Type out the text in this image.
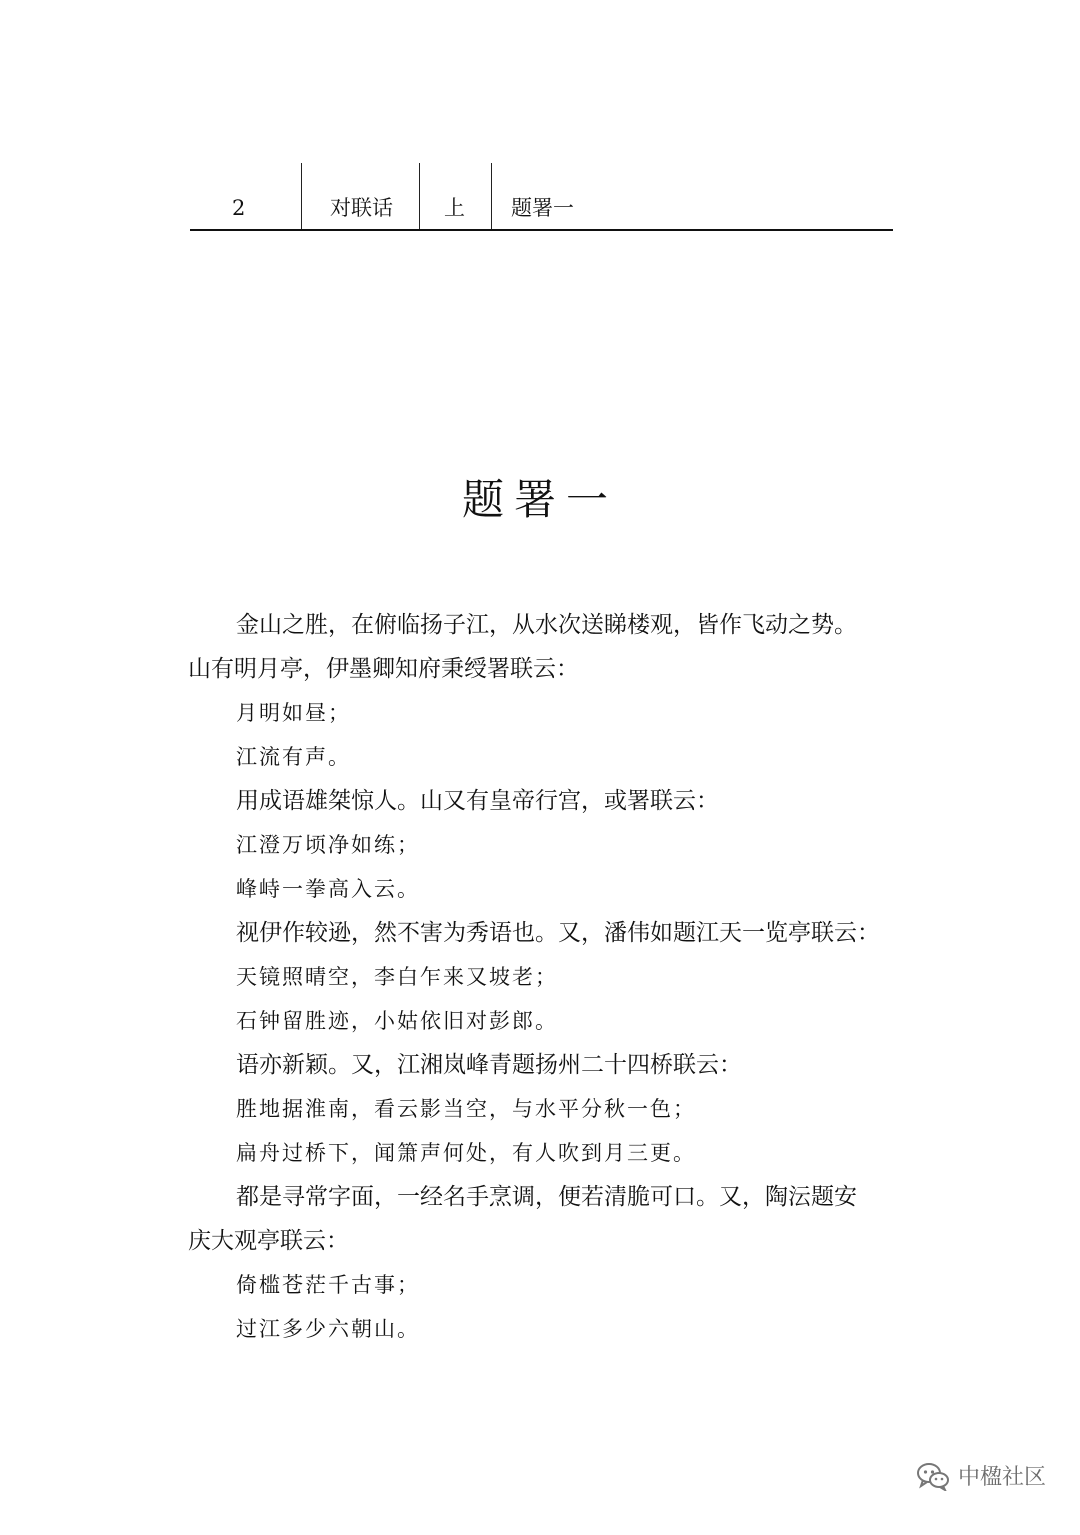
2	对联话 上 题署一
题署一

金山之胜，在俯临扬子江，从水次送睇楼观，皆作飞动之势。

山有明月亭，伊墨卿知府秉绶署联云：

月明如昼；

江流有声。

用成语雄桀惊人。山又有皇帝行宫，或署联云：

江澄万顷净如练；

峰峙一拳高入云。

视伊作较逊，然不害为秀语也。又，潘伟如题江天一览亭联云：

天镜照晴空，李白乍来又坡老；

石钟留胜迹，小姑依旧对彭郎。

语亦新颖。又，江湘岚峰青题扬州二十四桥联云：

胜地据淮南，看云影当空，与水平分秋一色；

扁舟过桥下，闻箫声何处，有人吹到月三更。

都是寻常字面，一经名手烹调，便若清脆可口。又，陶沄题安

庆大观亭联云：

倚槛苍茫千古事；

过江多少六朝山。

中楹社区
